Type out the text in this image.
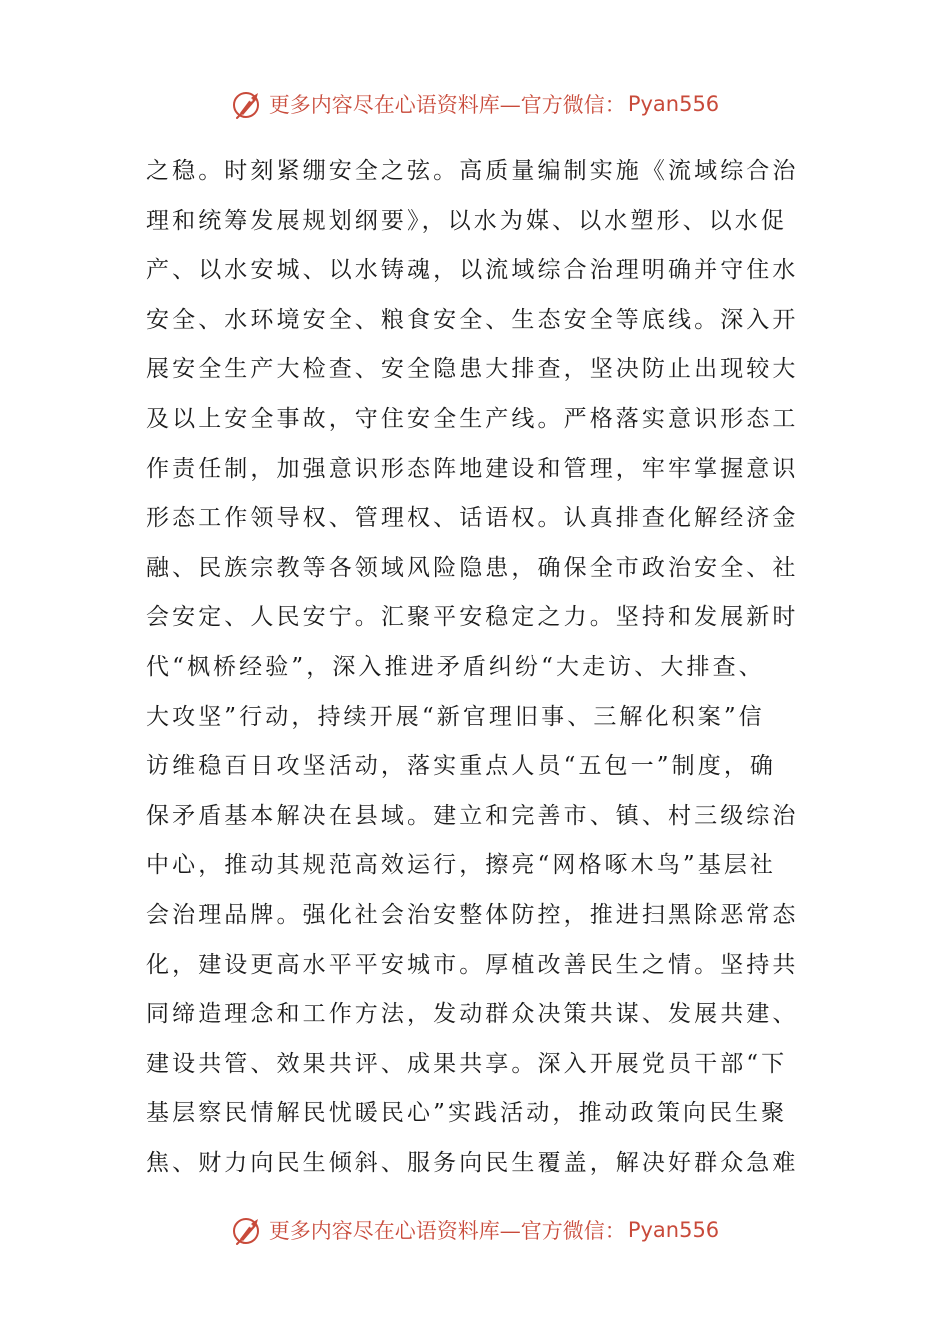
更多内容尽在心语资料库—官方微信： Pyan556
之稳。时刻紧绷安全之弦。高质量编制实施《流域综合治
理和统筹发展规划纲要》，以水为媒、以水塑形、以水促
产、以水安城、以水铸魂，以流域综合治理明确并守住水
安全、水环境安全、粮食安全、生态安全等底线。深入开
展安全生产大检查、安全隐患大排查，坚决防止出现较大
及以上安全事故，守住安全生产线。严格落实意识形态工
作责任制，加强意识形态阵地建设和管理，牢牢掌握意识
形态工作领导权、管理权、话语权。认真排查化解经济金
融、民族宗教等各领域风险隐患，确保全市政治安全、社
会安定、人民安宁。汇聚平安稳定之力。坚持和发展新时
代“枫桥经验”，深入推进矛盾纠纷“大走访、大排查、
大攻坚”行动，持续开展“新官理旧事、三解化积案”信
访维稳百日攻坚活动，落实重点人员“五包一”制度，确
保矛盾基本解决在县域。建立和完善市、镇、村三级综治
中心，推动其规范高效运行，擦亮“网格啄木鸟”基层社
会治理品牌。强化社会治安整体防控，推进扫黑除恶常态
化，建设更高水平平安城市。厚植改善民生之情。坚持共
同缔造理念和工作方法，发动群众决策共谋、发展共建、
建设共管、效果共评、成果共享。深入开展党员干部“下
基层察民情解民忧暖民心”实践活动，推动政策向民生聚
焦、财力向民生倾斜、服务向民生覆盖，解决好群众急难
更多内容尽在心语资料库—官方微信： Pyan556
